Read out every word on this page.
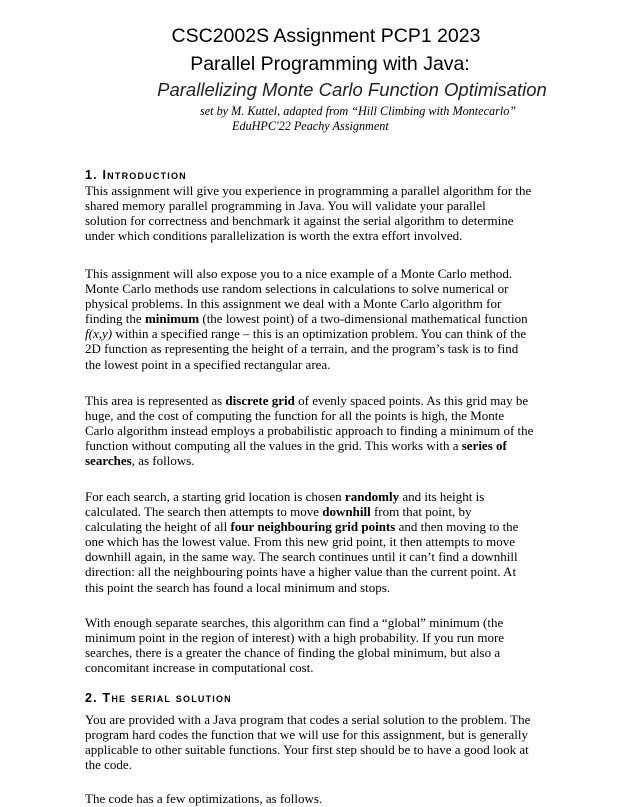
CSC2002S Assignment PCP1 2023
Parallel Programming with Java:
Parallelizing Monte Carlo Function Optimisation
set by M. Kuttel, adapted from “Hill Climbing with Montecarlo”
EduHPC'22 Peachy Assignment
1. Introduction
This assignment will give you experience in programming a parallel algorithm for the
shared memory parallel programming in Java. You will validate your parallel
solution for correctness and benchmark it against the serial algorithm to determine
under which conditions parallelization is worth the extra effort involved.
This assignment will also expose you to a nice example of a Monte Carlo method.
Monte Carlo methods use random selections in calculations to solve numerical or
physical problems. In this assignment we deal with a Monte Carlo algorithm for
finding the minimum (the lowest point) of a two-dimensional mathematical function
f(x,y) within a specified range – this is an optimization problem. You can think of the
2D function as representing the height of a terrain, and the program’s task is to find
the lowest point in a specified rectangular area.
This area is represented as discrete grid of evenly spaced points. As this grid may be
huge, and the cost of computing the function for all the points is high, the Monte
Carlo algorithm instead employs a probabilistic approach to finding a minimum of the
function without computing all the values in the grid. This works with a series of
searches, as follows.
For each search, a starting grid location is chosen randomly and its height is
calculated. The search then attempts to move downhill from that point, by
calculating the height of all four neighbouring grid points and then moving to the
one which has the lowest value. From this new grid point, it then attempts to move
downhill again, in the same way. The search continues until it can’t find a downhill
direction: all the neighbouring points have a higher value than the current point. At
this point the search has found a local minimum and stops.
With enough separate searches, this algorithm can find a “global” minimum (the
minimum point in the region of interest) with a high probability. If you run more
searches, there is a greater the chance of finding the global minimum, but also a
concomitant increase in computational cost.
2. The serial solution
You are provided with a Java program that codes a serial solution to the problem. The
program hard codes the function that we will use for this assignment, but is generally
applicable to other suitable functions. Your first step should be to have a good look at
the code.
The code has a few optimizations, as follows.
